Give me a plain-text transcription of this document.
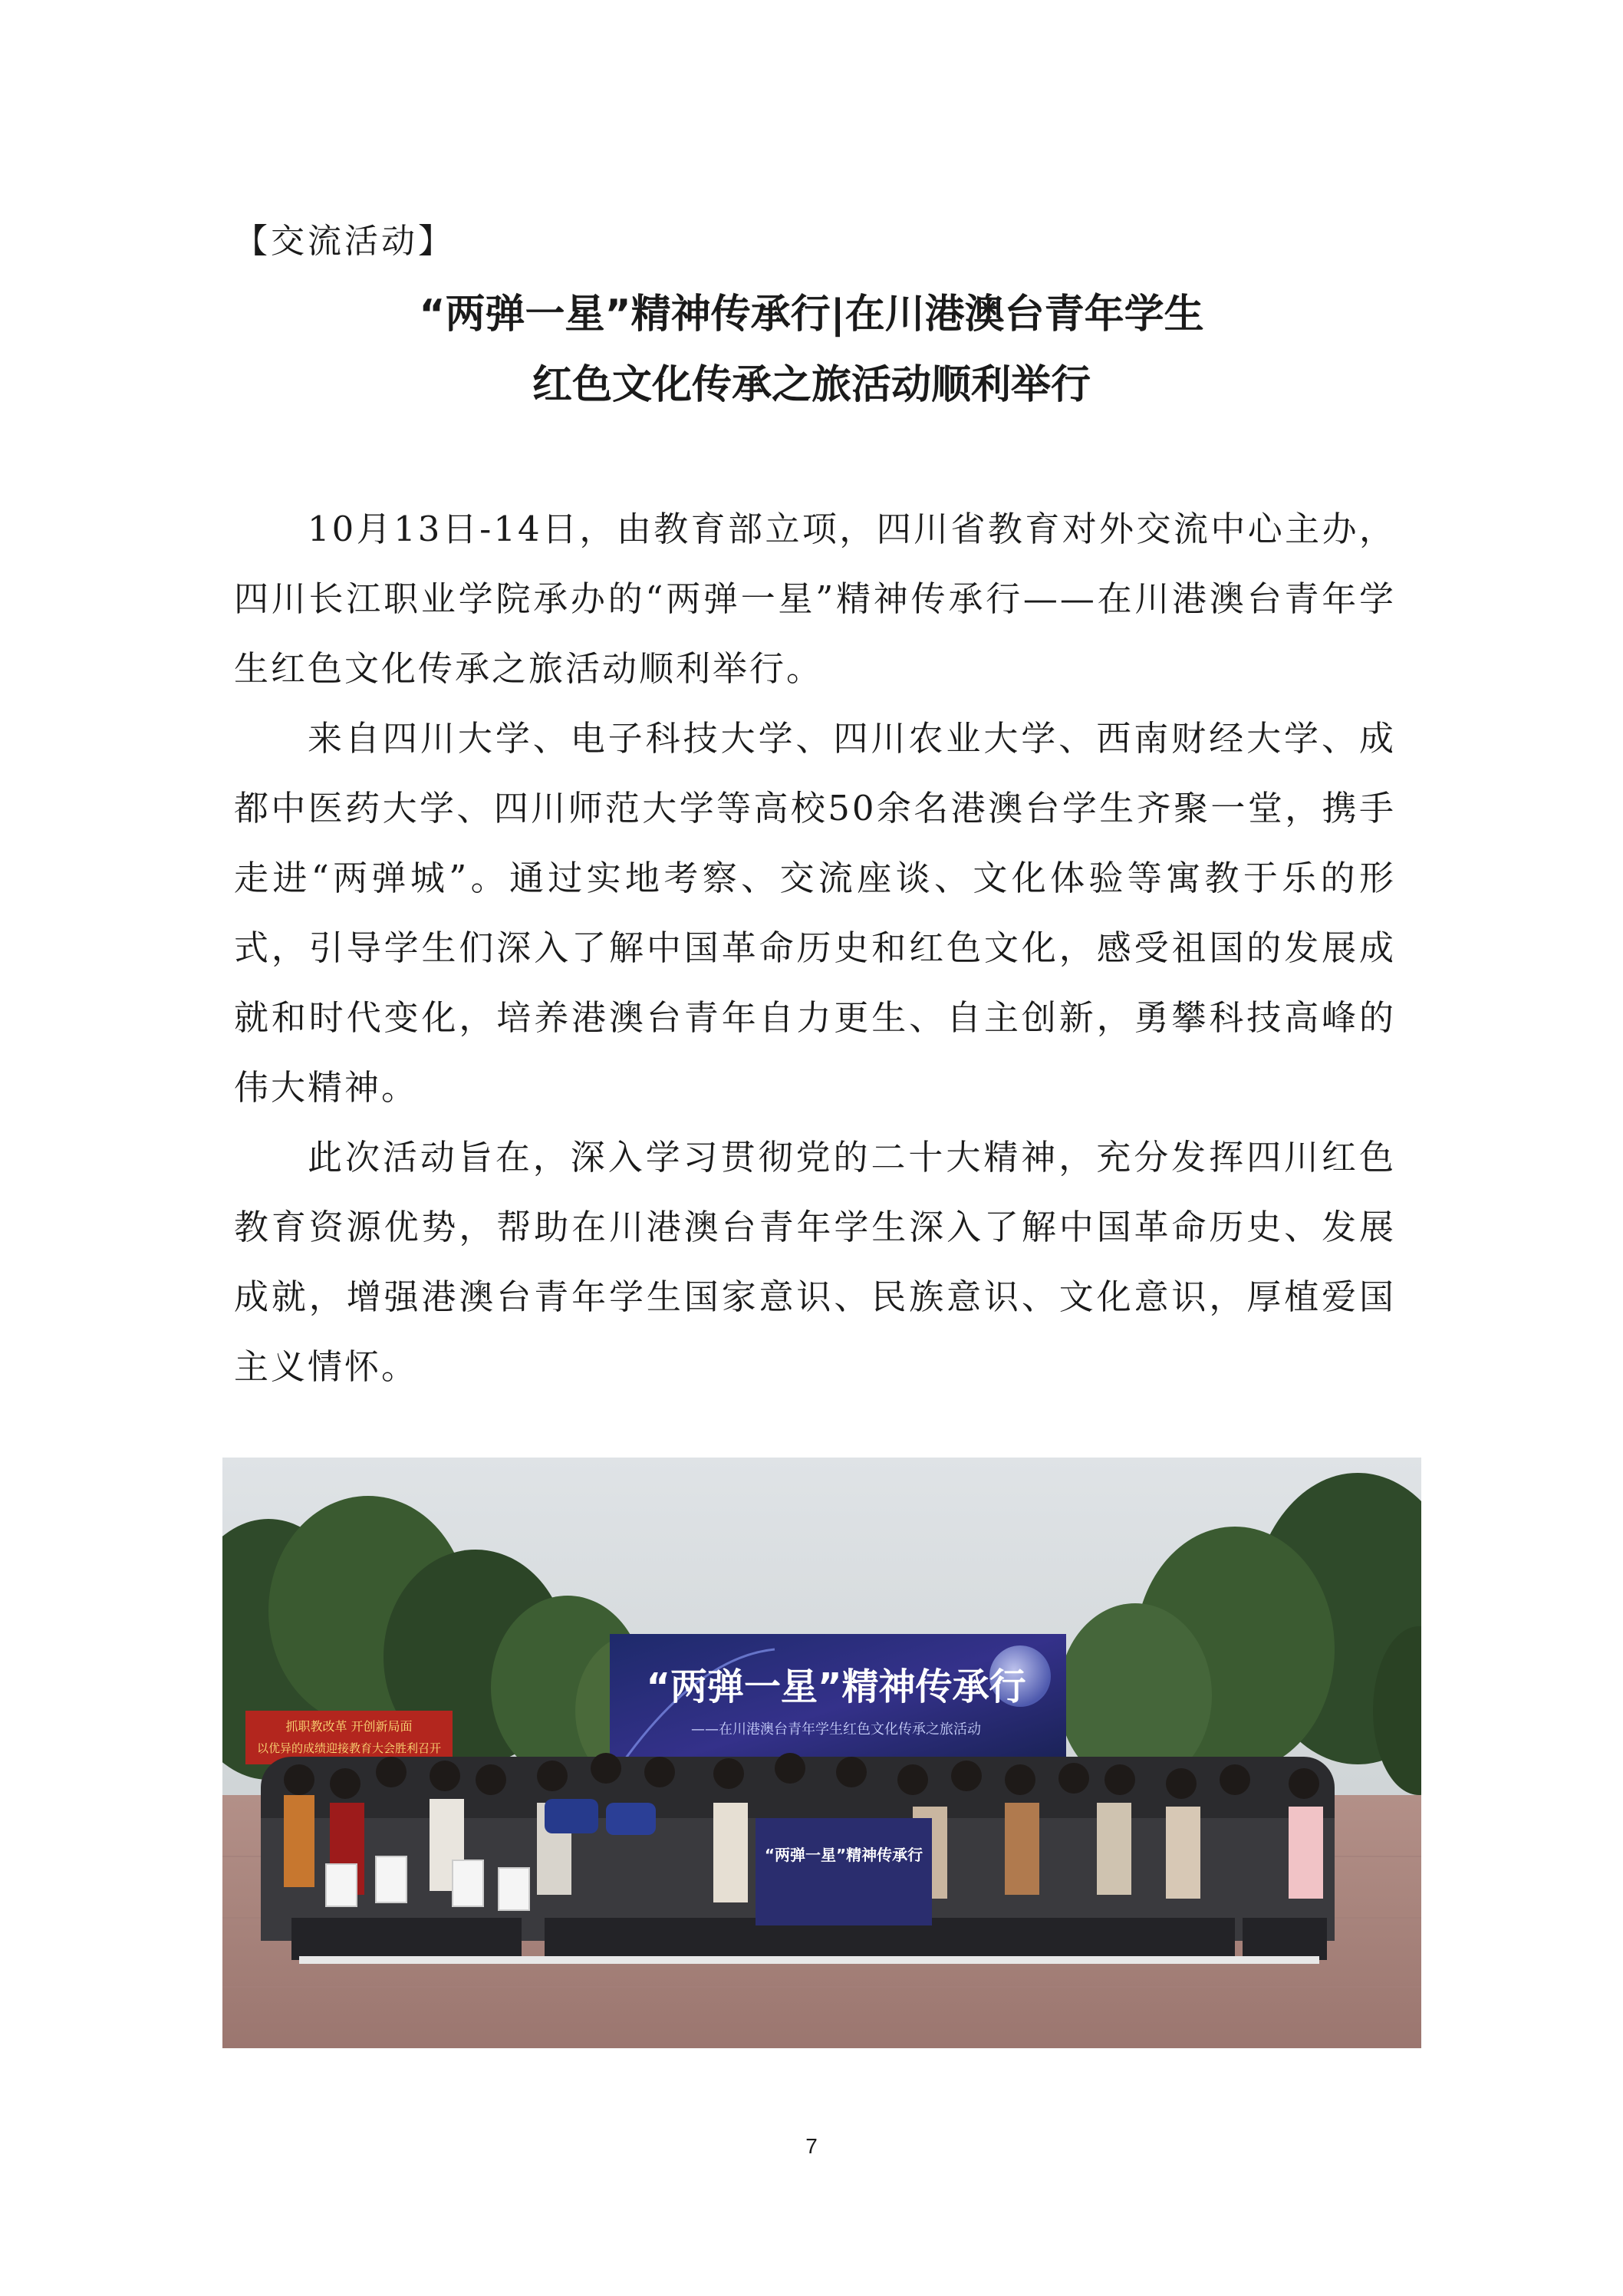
【交流活动】
“两弹一星”精神传承行|在川港澳台青年学生
红色文化传承之旅活动顺利举行

10月13日-14日，由教育部立项，四川省教育对外交流中心主办，四川长江职业学院承办的“两弹一星”精神传承行——在川港澳台青年学生红色文化传承之旅活动顺利举行。

来自四川大学、电子科技大学、四川农业大学、西南财经大学、成都中医药大学、四川师范大学等高校50余名港澳台学生齐聚一堂，携手走进“两弹城”。通过实地考察、交流座谈、文化体验等寓教于乐的形式，引导学生们深入了解中国革命历史和红色文化，感受祖国的发展成就和时代变化，培养港澳台青年自力更生、自主创新，勇攀科技高峰的伟大精神。

此次活动旨在，深入学习贯彻党的二十大精神，充分发挥四川红色教育资源优势，帮助在川港澳台青年学生深入了解中国革命历史、发展成就，增强港澳台青年学生国家意识、民族意识、文化意识，厚植爱国主义情怀。

抓职教改革 开创新局面
以优异的成绩迎接教育大会胜利召开
“两弹一星”精神传承行
——在川港澳台青年学生红色文化传承之旅活动
“两弹一星”精神传承行
7
